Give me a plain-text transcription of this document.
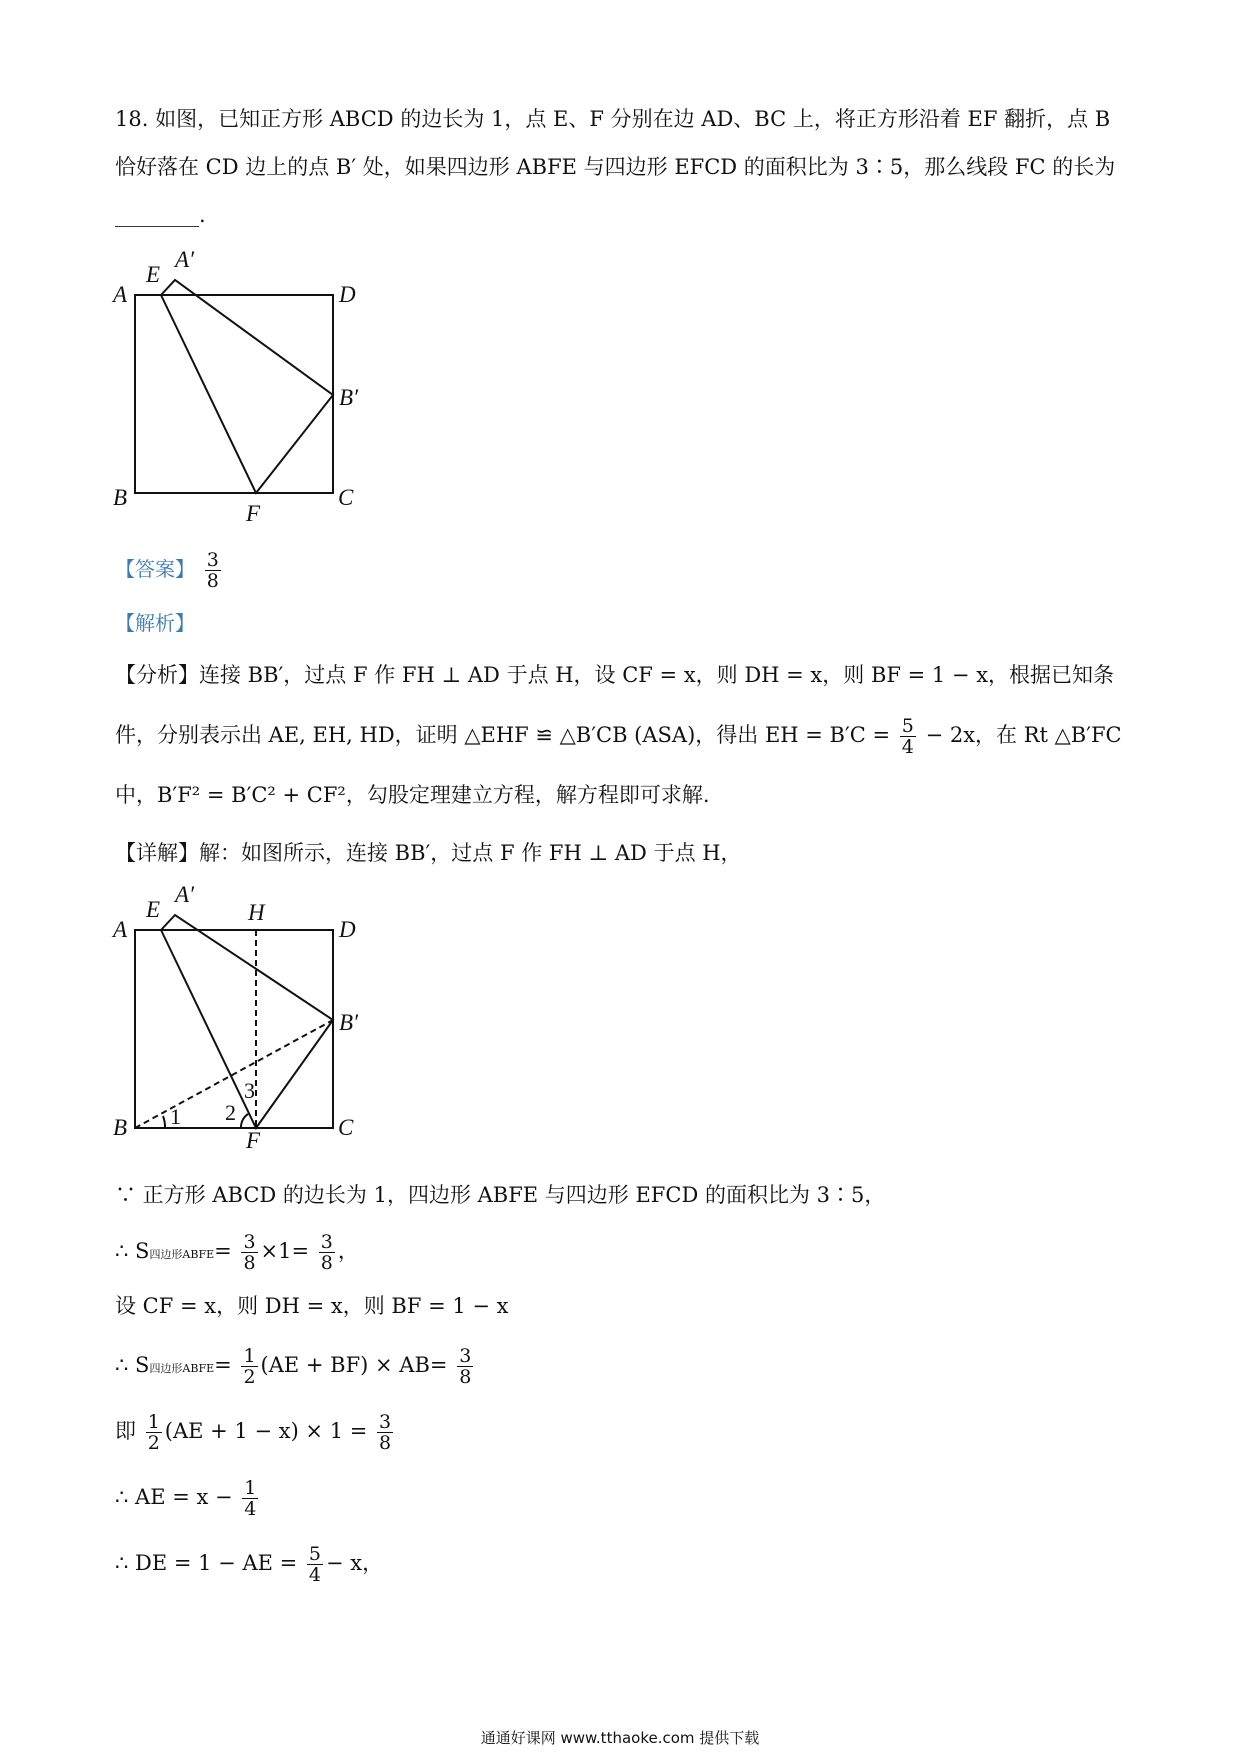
18. 如图，已知正方形 ABCD 的边长为 1，点 E、F 分别在边 AD、BC 上，将正方形沿着 EF 翻折，点 B
恰好落在 CD 边上的点 B′ 处，如果四边形 ABFE 与四边形 EFCD 的面积比为 3∶5，那么线段 FC 的长为
________.
A
E
A′
D
B′
B
F
C
【答案】 $\frac{3}{8}$
【解析】
【分析】连接 BB′，过点 F 作 FH ⊥ AD 于点 H，设 CF = x，则 DH = x，则 BF = 1 − x，根据已知条
件，分别表示出 AE, EH, HD，证明 △EHF ≌ △B′CB (ASA)，得出 EH = $B'C = \frac{5}{4} - 2x$，在 Rt △B′FC
中，B′F² = B′C² + CF²，勾股定理建立方程，解方程即可求解.
【详解】解：如图所示，连接 BB′，过点 F 作 FH ⊥ AD 于点 H，
A
E
A′
H
D
B′
B
F
C
1 2
3
∵ 正方形 ABCD 的边长为 1，四边形 ABFE 与四边形 EFCD 的面积比为 3∶5，
∴ S四边形ABFE= $\frac{3}{8} \times 1= \frac{3}{8}$ ，
设 CF = x，则 DH = x，则 BF = 1 − x
∴ S四边形ABFE= $\frac{1}{2} (AE + BF) \times AB= \frac{3}{8}$
即 $\frac{1}{2} (AE + 1 - x) \times 1 = \frac{3}{8}$
∴ AE = $x - \frac{1}{4}$
∴ DE = 1 − AE = $\frac{5}{4} - x$，
通通好课网 www.tthaoke.com 提供下载
